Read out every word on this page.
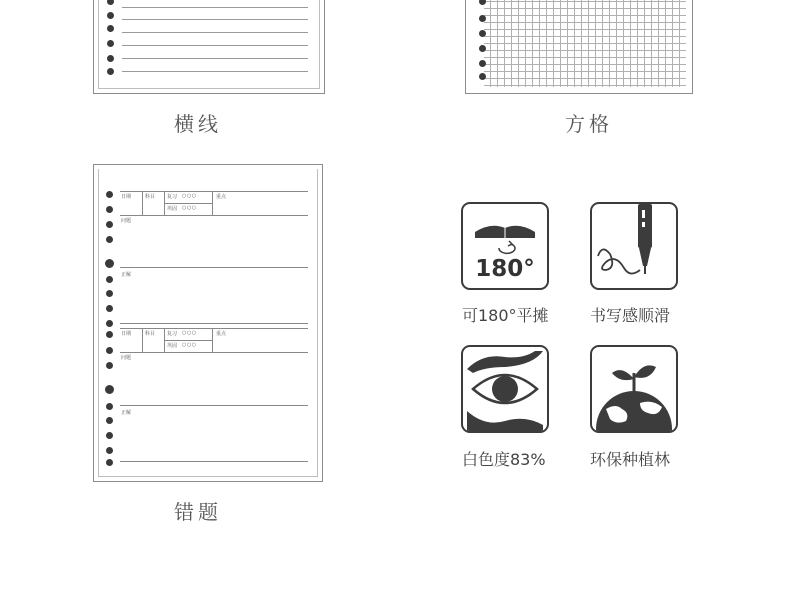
横线	方格
日期	科目 复习 ○○○
巩固 ○○○
重点
问题
正解
日期	科目 复习 ○○○
巩固 ○○○
重点
问题
正解
错题
180°
可180°平摊	书写感顺滑
白色度83%	环保种植林
